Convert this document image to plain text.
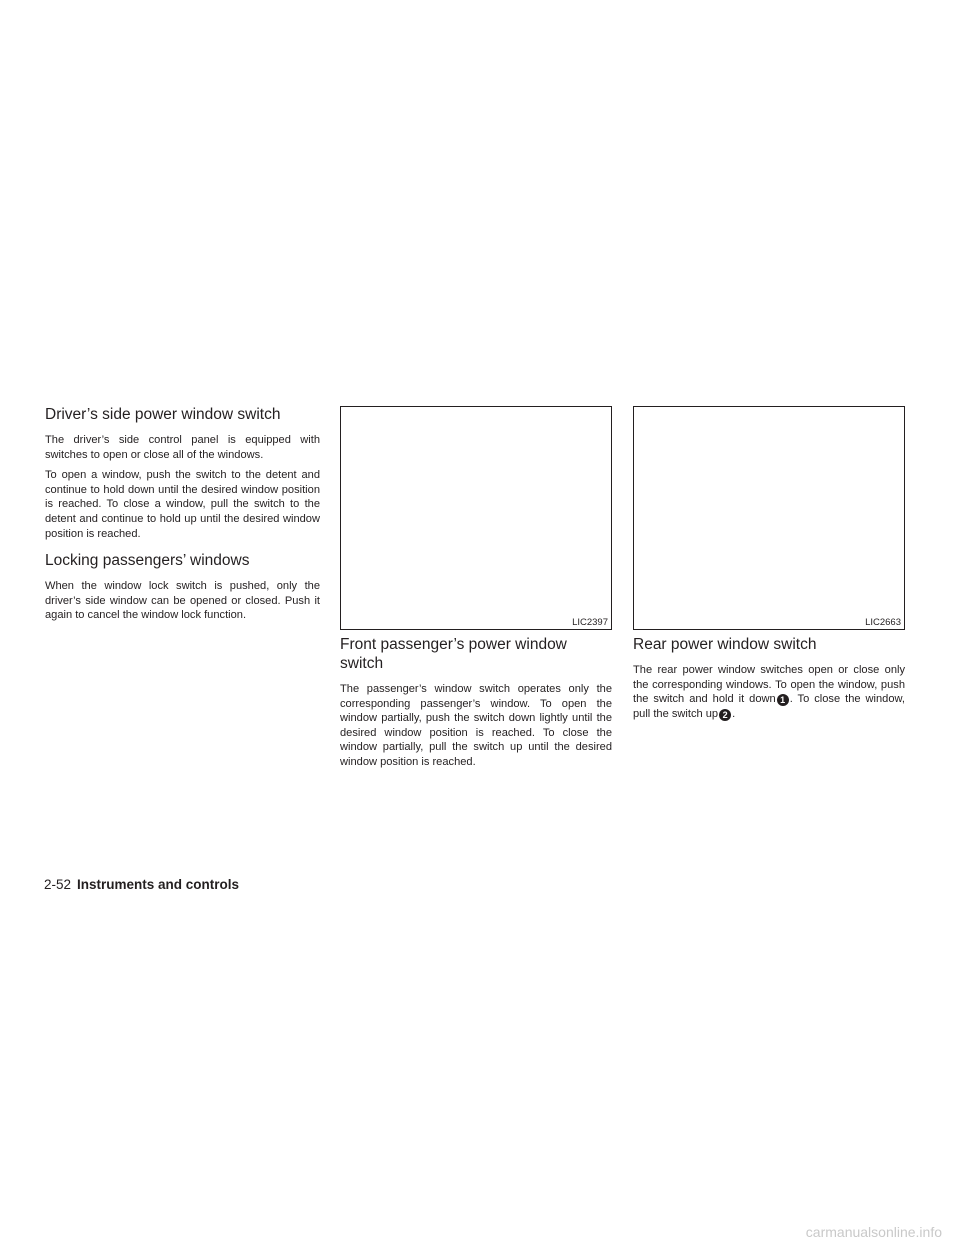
Driver’s side power window switch

The driver’s side control panel is equipped with switches to open or close all of the windows.

To open a window, push the switch to the detent and continue to hold down until the desired window position is reached. To close a window, pull the switch to the detent and continue to hold up until the desired window position is reached.

Locking passengers’ windows

When the window lock switch is pushed, only the driver’s side window can be opened or closed. Push it again to cancel the window lock function.

LIC2397
Front passenger’s power window switch

The passenger’s window switch operates only the corresponding passenger’s window. To open the window partially, push the switch down lightly until the desired window position is reached. To close the window partially, pull the switch up until the desired window position is reached.

LIC2663
Rear power window switch

The rear power window switches open or close only the corresponding windows. To open the window, push the switch and hold it down 1 . To close the window, pull the switch up 2 .

2-52 Instruments and controls
carmanualsonline.info
